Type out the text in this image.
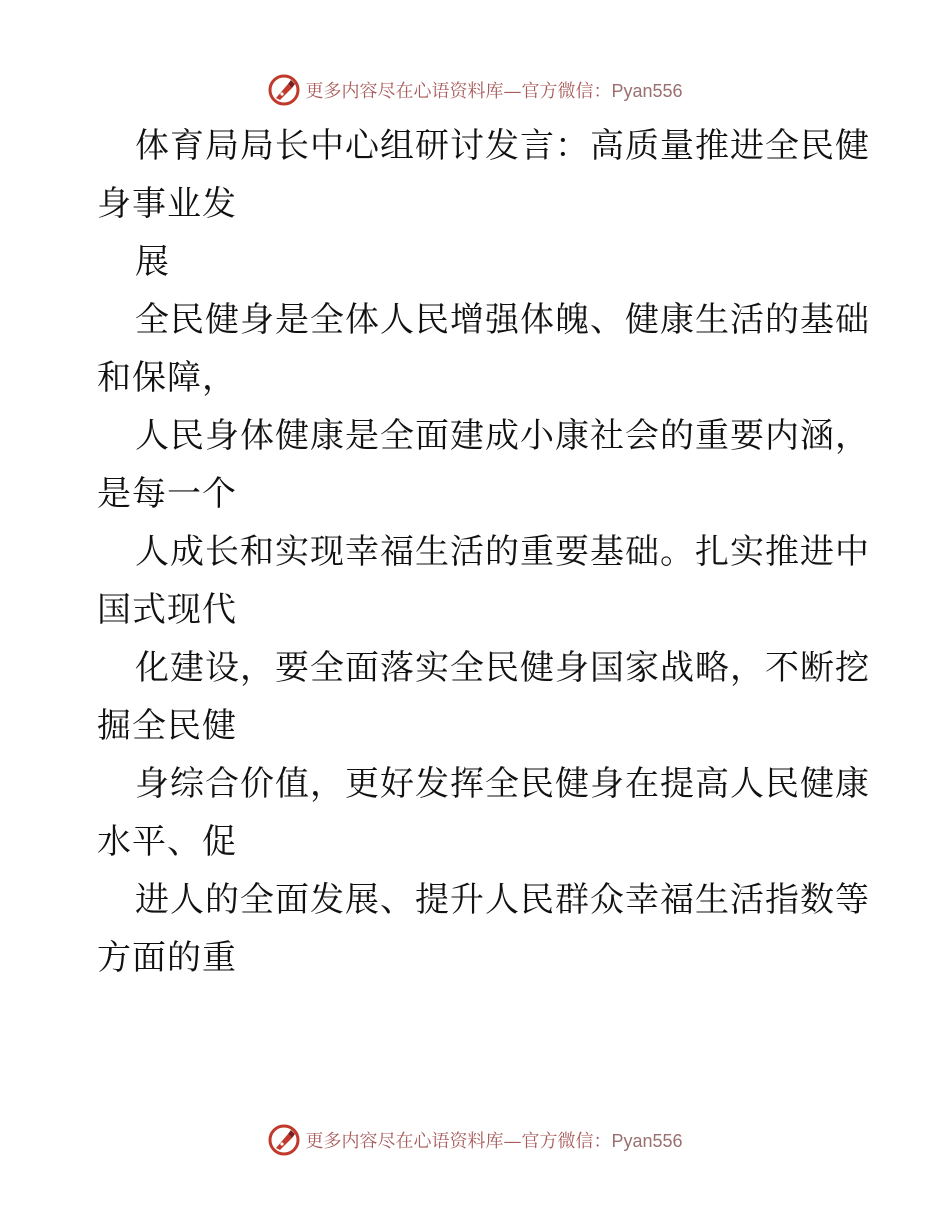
更多内容尽在心语资料库—官方微信：Pyan556

体育局局长中心组研讨发言：高质量推进全民健
身事业发
展
全民健身是全体人民增强体魄、健康生活的基础
和保障，
人民身体健康是全面建成小康社会的重要内涵，
是每一个
人成长和实现幸福生活的重要基础。扎实推进中
国式现代
化建设，要全面落实全民健身国家战略，不断挖
掘全民健
身综合价值，更好发挥全民健身在提高人民健康
水平、促
进人的全面发展、提升人民群众幸福生活指数等
方面的重

更多内容尽在心语资料库—官方微信：Pyan556
